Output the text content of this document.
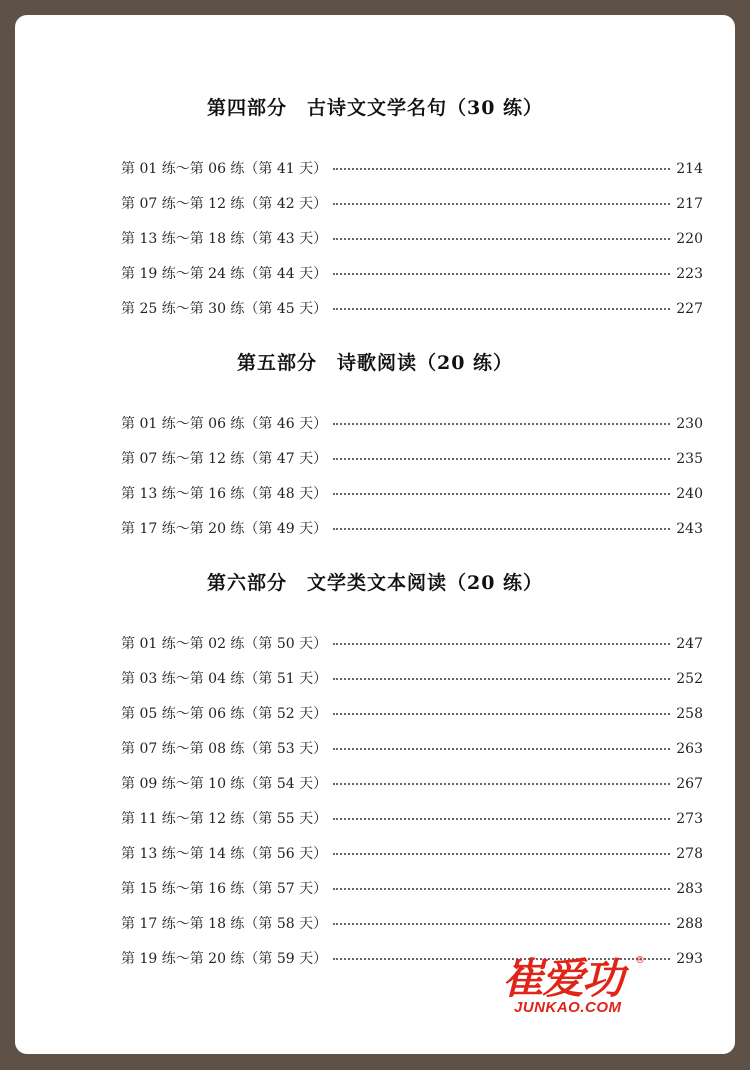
第四部分　古诗文文学名句（30 练）
第 01 练～第 06 练（第 41 天）	214
第 07 练～第 12 练（第 42 天）	217
第 13 练～第 18 练（第 43 天）	220
第 19 练～第 24 练（第 44 天）	223
第 25 练～第 30 练（第 45 天）	227
第五部分　诗歌阅读（20 练）
第 01 练～第 06 练（第 46 天）	230
第 07 练～第 12 练（第 47 天）	235
第 13 练～第 16 练（第 48 天）	240
第 17 练～第 20 练（第 49 天）	243
第六部分　文学类文本阅读（20 练）
第 01 练～第 02 练（第 50 天）	247
第 03 练～第 04 练（第 51 天）	252
第 05 练～第 06 练（第 52 天）	258
第 07 练～第 08 练（第 53 天）	263
第 09 练～第 10 练（第 54 天）	267
第 11 练～第 12 练（第 55 天）	273
第 13 练～第 14 练（第 56 天）	278
第 15 练～第 16 练（第 57 天）	283
第 17 练～第 18 练（第 58 天）	288
第 19 练～第 20 练（第 59 天）	293
崔爱功 ®
JUNKAO.COM
